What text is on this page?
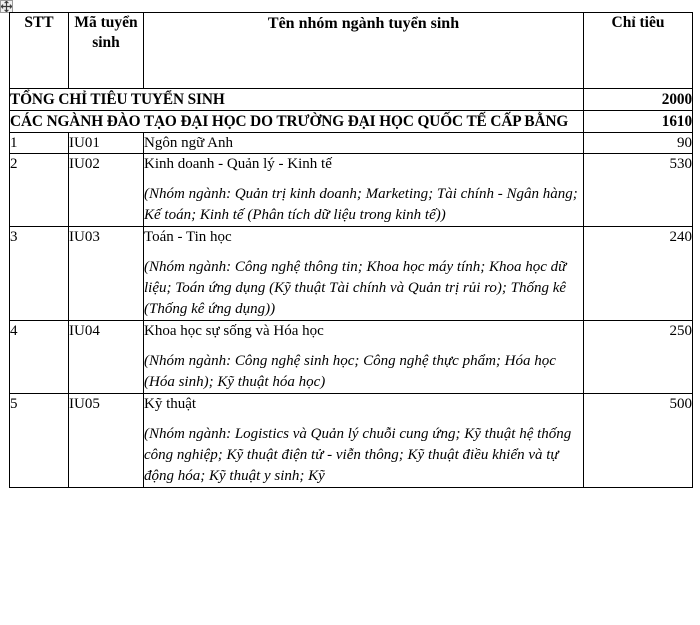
STT	Mã tuyển sinh	Tên nhóm ngành tuyển sinh	Chỉ tiêu
TỔNG CHỈ TIÊU TUYỂN SINH			2000
CÁC NGÀNH ĐÀO TẠO ĐẠI HỌC DO TRƯỜNG ĐẠI HỌC QUỐC TẾ CẤP BẰNG			1610
1	IU01	Ngôn ngữ Anh	90
2	IU02	Kinh doanh - Quản lý - Kinh tế
(Nhóm ngành: Quản trị kinh doanh; Marketing; Tài chính - Ngân hàng; Kế toán; Kinh tế (Phân tích dữ liệu trong kinh tế))	530
3	IU03	Toán - Tin học
(Nhóm ngành: Công nghệ thông tin; Khoa học máy tính; Khoa học dữ liệu; Toán ứng dụng (Kỹ thuật Tài chính và Quản trị rủi ro); Thống kê (Thống kê ứng dụng))	240
4	IU04	Khoa học sự sống và Hóa học
(Nhóm ngành: Công nghệ sinh học; Công nghệ thực phẩm; Hóa học (Hóa sinh); Kỹ thuật hóa học)	250
5	IU05	Kỹ thuật
(Nhóm ngành: Logistics và Quản lý chuỗi cung ứng; Kỹ thuật hệ thống công nghiệp; Kỹ thuật điện tử - viễn thông; Kỹ thuật điều khiển và tự động hóa; Kỹ thuật y sinh; Kỹ	500
